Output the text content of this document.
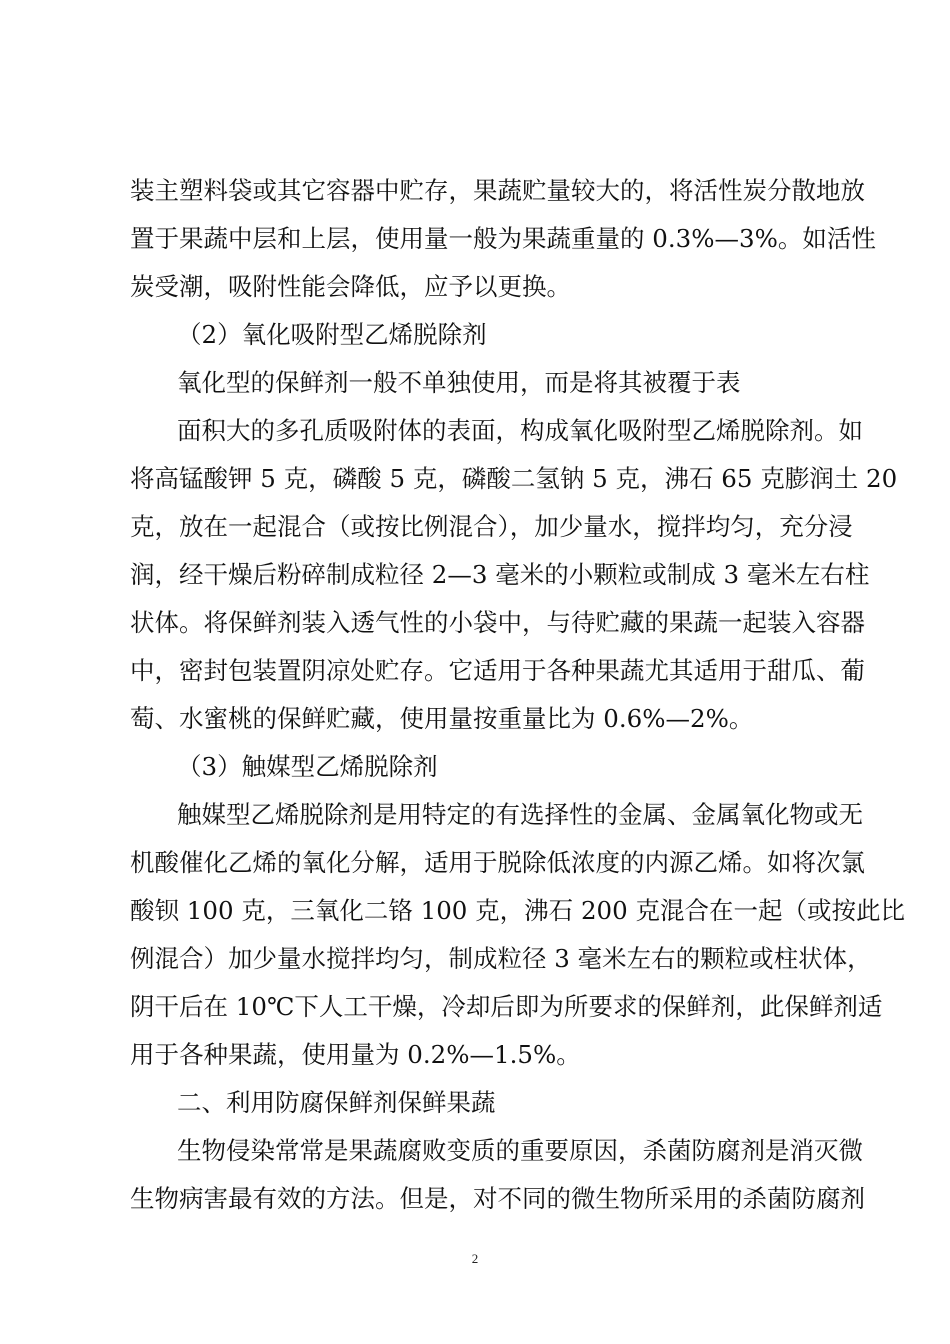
装主塑料袋或其它容器中贮存，果蔬贮量较大的，将活性炭分散地放
置于果蔬中层和上层，使用量一般为果蔬重量的 0.3%—3%。如活性
炭受潮，吸附性能会降低，应予以更换。
（2）氧化吸附型乙烯脱除剂
氧化型的保鲜剂一般不单独使用，而是将其被覆于表
面积大的多孔质吸附体的表面，构成氧化吸附型乙烯脱除剂。如
将高锰酸钾 5 克，磷酸 5 克，磷酸二氢钠 5 克，沸石 65 克膨润土 20
克，放在一起混合（或按比例混合），加少量水，搅拌均匀，充分浸
润，经干燥后粉碎制成粒径 2—3 毫米的小颗粒或制成 3 毫米左右柱
状体。将保鲜剂装入透气性的小袋中，与待贮藏的果蔬一起装入容器
中，密封包装置阴凉处贮存。它适用于各种果蔬尤其适用于甜瓜、葡
萄、水蜜桃的保鲜贮藏，使用量按重量比为 0.6%—2%。
（3）触媒型乙烯脱除剂
触媒型乙烯脱除剂是用特定的有选择性的金属、金属氧化物或无
机酸催化乙烯的氧化分解，适用于脱除低浓度的内源乙烯。如将次氯
酸钡 100 克，三氧化二铬 100 克，沸石 200 克混合在一起（或按此比
例混合）加少量水搅拌均匀，制成粒径 3 毫米左右的颗粒或柱状体，
阴干后在 10℃下人工干燥，冷却后即为所要求的保鲜剂，此保鲜剂适
用于各种果蔬，使用量为 0.2%—1.5%。
二、利用防腐保鲜剂保鲜果蔬
生物侵染常常是果蔬腐败变质的重要原因，杀菌防腐剂是消灭微
生物病害最有效的方法。但是，对不同的微生物所采用的杀菌防腐剂
2
